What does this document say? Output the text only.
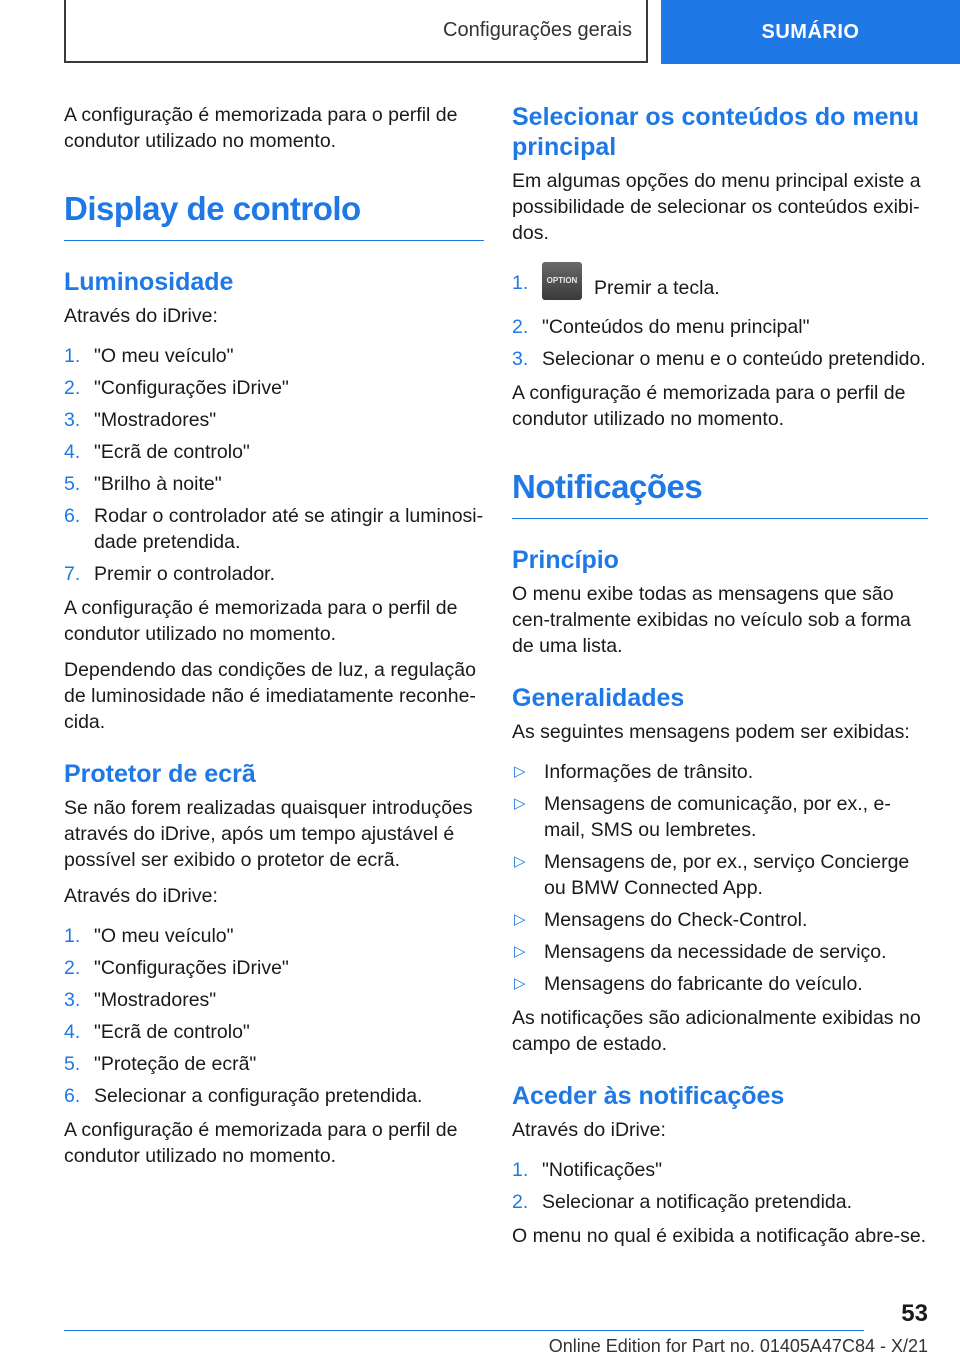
Configurações gerais	SUMÁRIO

A configuração é memorizada para o perfil de condutor utilizado no momento.

Display de controlo
Luminosidade

Através do iDrive:

1. "O meu veículo"
2. "Configurações iDrive"
3. "Mostradores"
4. "Ecrã de controlo"
5. "Brilho à noite"
6. Rodar o controlador até se atingir a luminosi-dade pretendida.
7. Premir o controlador.

A configuração é memorizada para o perfil de condutor utilizado no momento.

Dependendo das condições de luz, a regulação de luminosidade não é imediatamente reconhe-cida.

Protetor de ecrã

Se não forem realizadas quaisquer introduções através do iDrive, após um tempo ajustável é possível ser exibido o protetor de ecrã.

Através do iDrive:

1. "O meu veículo"
2. "Configurações iDrive"
3. "Mostradores"
4. "Ecrã de controlo"
5. "Proteção de ecrã"
6. Selecionar a configuração pretendida.

A configuração é memorizada para o perfil de condutor utilizado no momento.

Selecionar os conteúdos do menu principal

Em algumas opções do menu principal existe a possibilidade de selecionar os conteúdos exibi-dos.

1.	OPTION Premir a tecla.
2. "Conteúdos do menu principal"
3. Selecionar o menu e o conteúdo pretendido.

A configuração é memorizada para o perfil de condutor utilizado no momento.

Notificações
Princípio

O menu exibe todas as mensagens que são cen-tralmente exibidas no veículo sob a forma de uma lista.

Generalidades

As seguintes mensagens podem ser exibidas:

▷ Informações de trânsito.
▷ Mensagens de comunicação, por ex., e-mail, SMS ou lembretes.
▷ Mensagens de, por ex., serviço Concierge ou BMW Connected App.
▷ Mensagens do Check-Control.
▷ Mensagens da necessidade de serviço.
▷ Mensagens do fabricante do veículo.

As notificações são adicionalmente exibidas no campo de estado.

Aceder às notificações

Através do iDrive:

1. "Notificações"
2. Selecionar a notificação pretendida.

O menu no qual é exibida a notificação abre-se.

53
Online Edition for Part no. 01405A47C84 - X/21
